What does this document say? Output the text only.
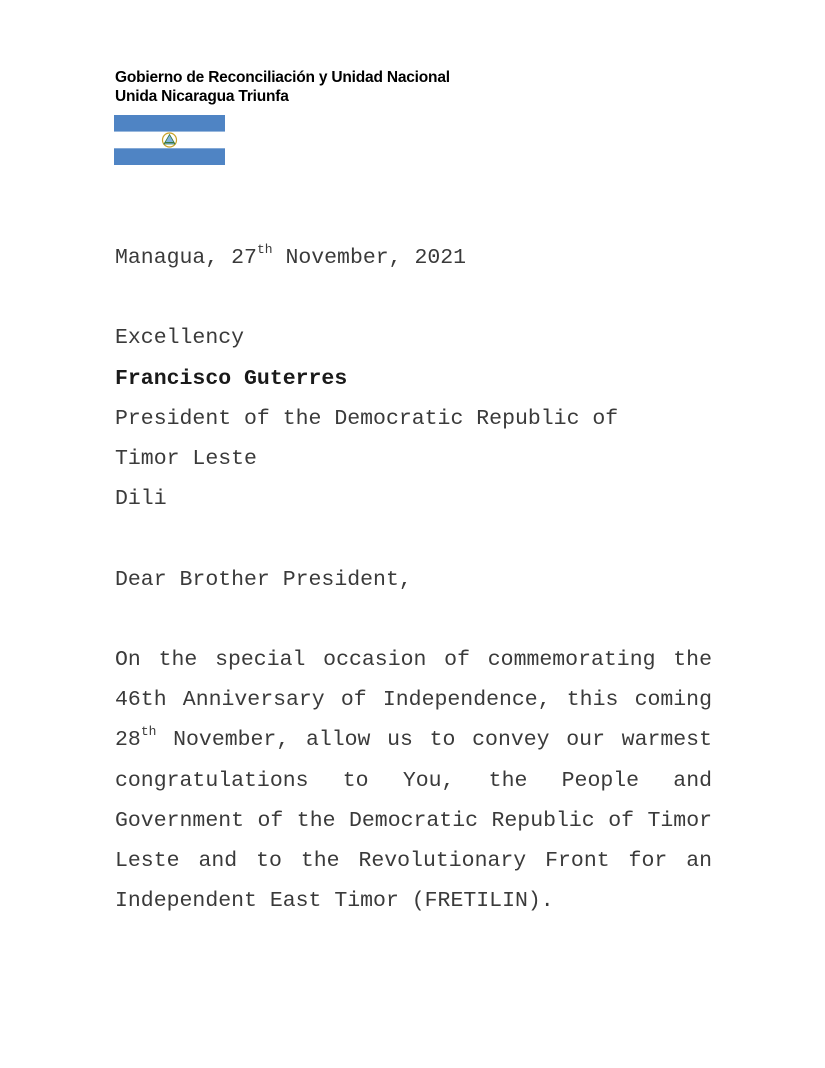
Gobierno de Reconciliación y Unidad Nacional
Unida Nicaragua Triunfa

Managua, 27th November, 2021

Excellency

Francisco Guterres

President of the Democratic Republic of

Timor Leste

Dili

Dear Brother President,

On the special occasion of commemorating the 46th Anniversary of Independence, this coming 28th November, allow us to convey our warmest congratulations to You, the People and Government of the Democratic Republic of Timor Leste and to the Revolutionary Front for an Independent East Timor (FRETILIN).
